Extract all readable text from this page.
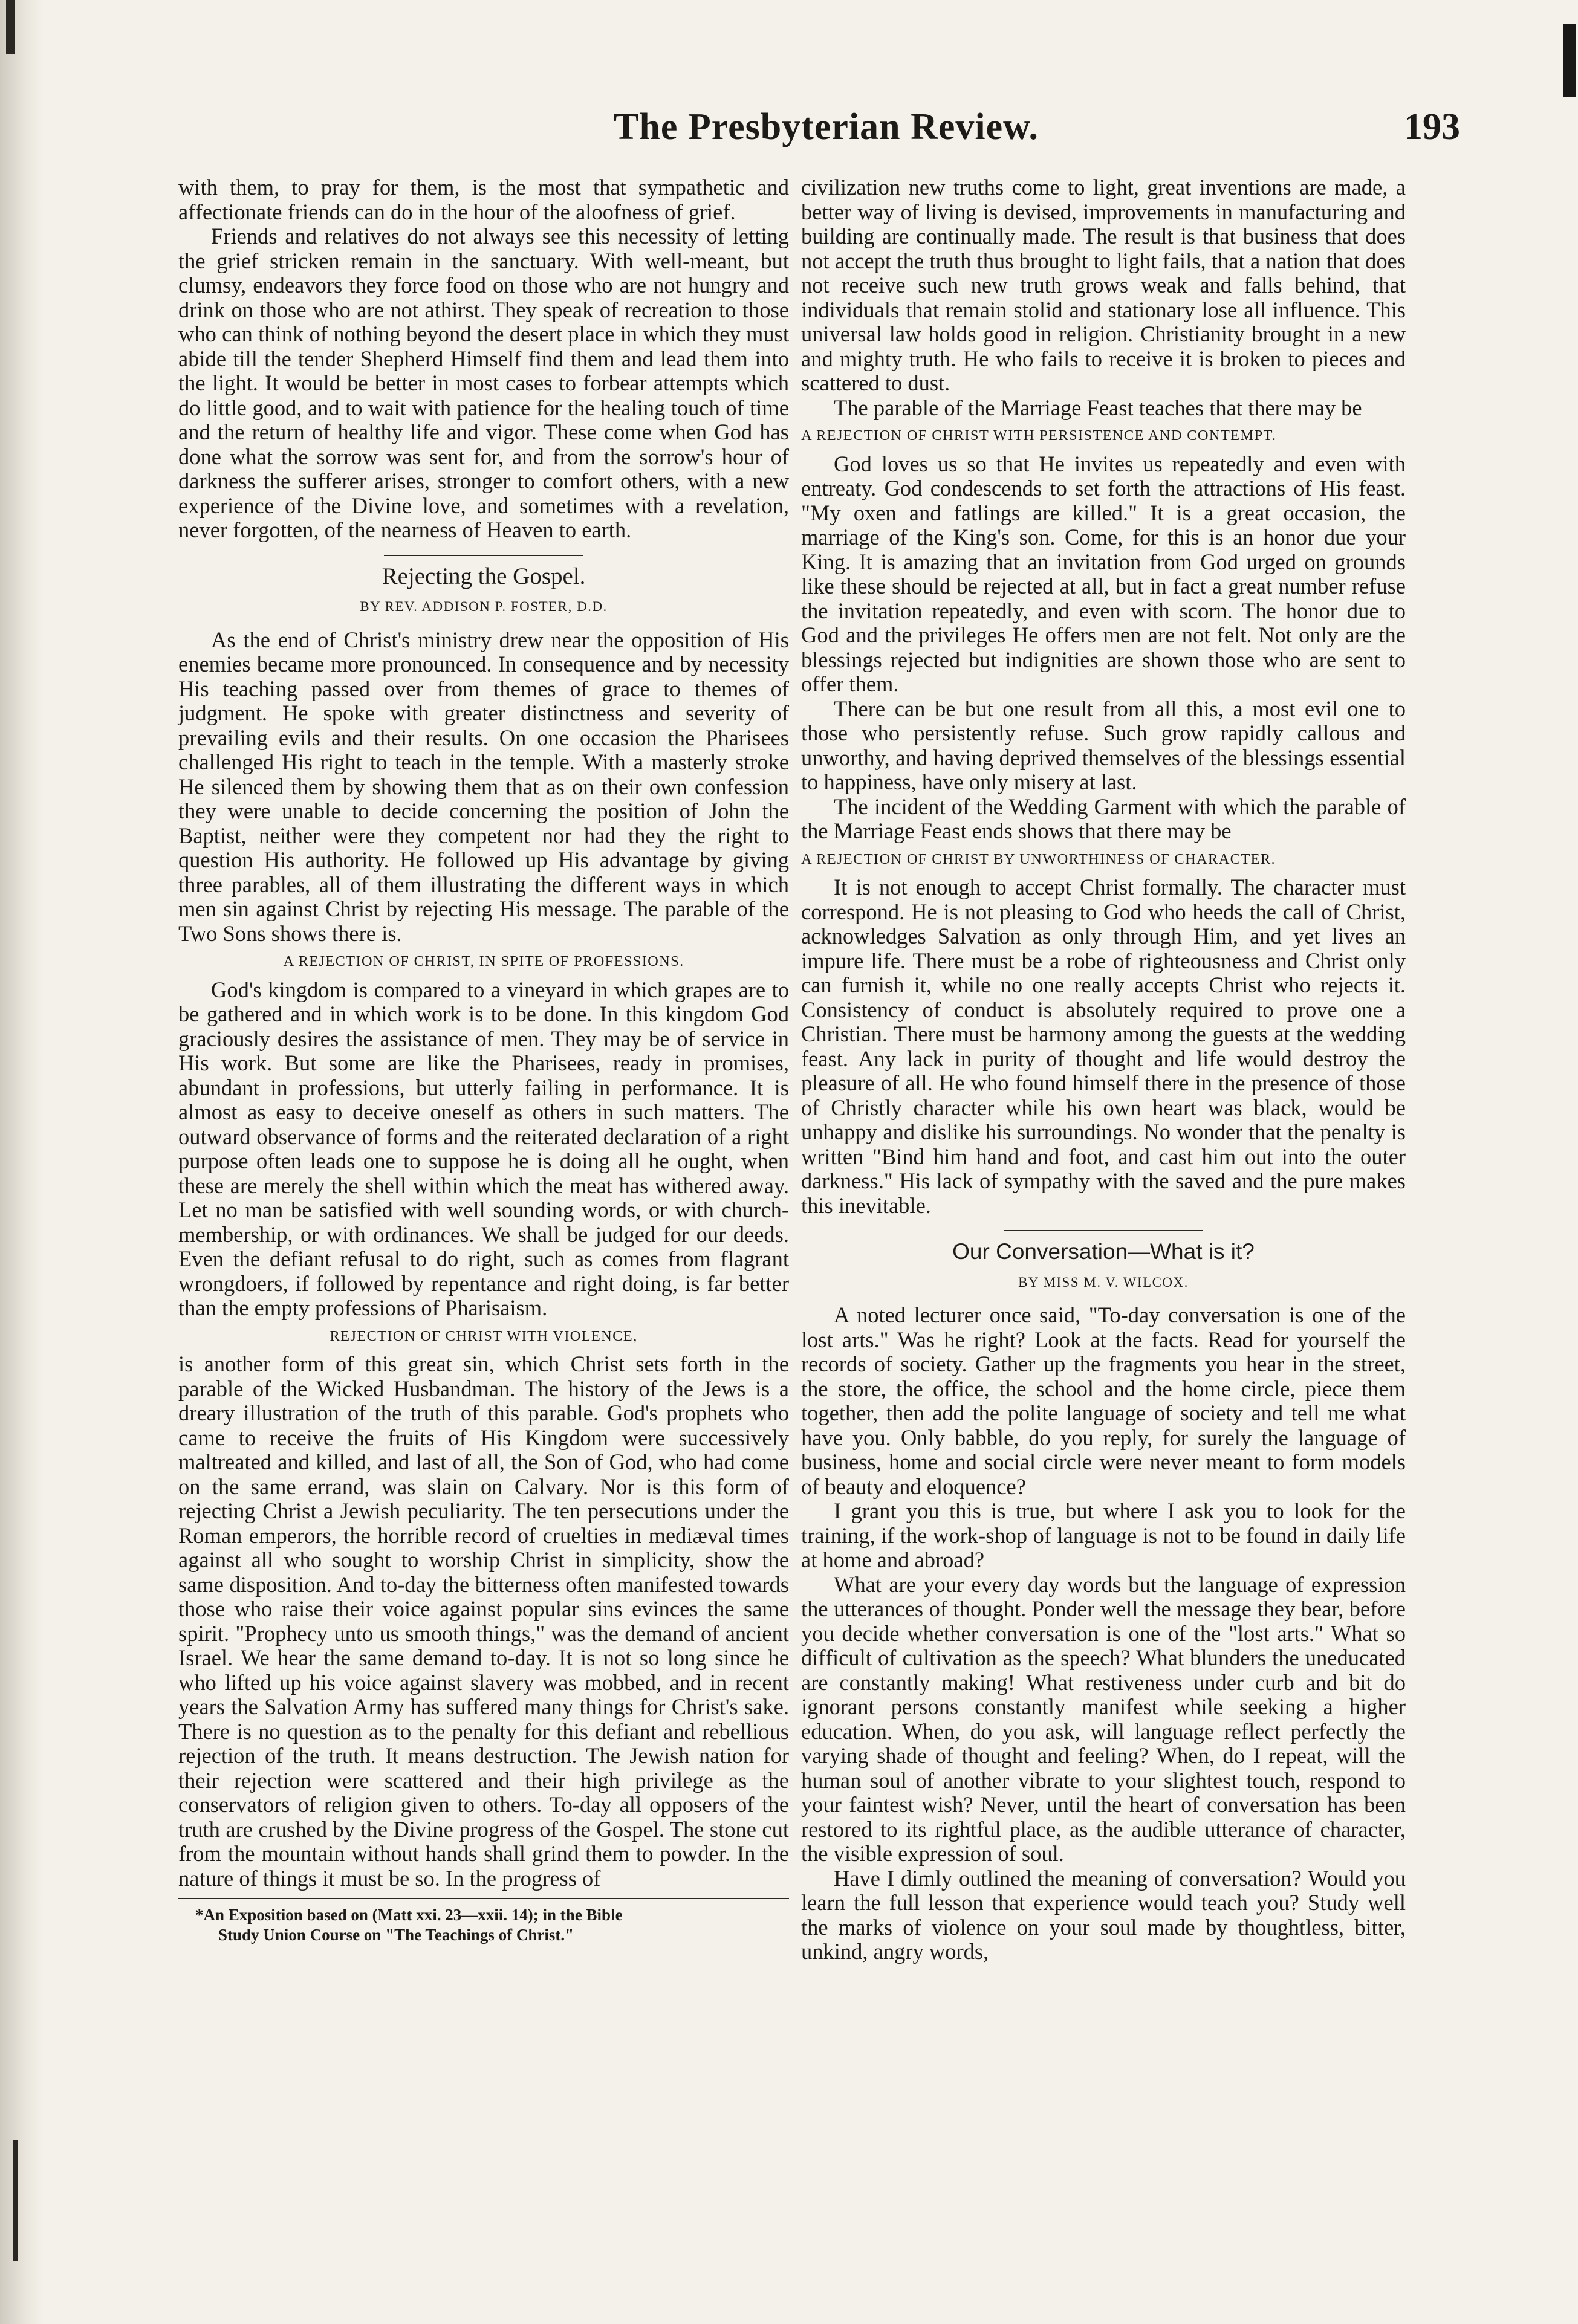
The Presbyterian Review.	193

with them, to pray for them, is the most that sympathetic and affectionate friends can do in the hour of the aloofness of grief.

Friends and relatives do not always see this necessity of letting the grief stricken remain in the sanctuary. With well-meant, but clumsy, endeavors they force food on those who are not hungry and drink on those who are not athirst. They speak of recreation to those who can think of nothing beyond the desert place in which they must abide till the tender Shepherd Himself find them and lead them into the light. It would be better in most cases to forbear attempts which do little good, and to wait with patience for the healing touch of time and the return of healthy life and vigor. These come when God has done what the sorrow was sent for, and from the sorrow's hour of darkness the sufferer arises, stronger to comfort others, with a new experience of the Divine love, and sometimes with a revelation, never forgotten, of the nearness of Heaven to earth.

Rejecting the Gospel.
BY REV. ADDISON P. FOSTER, D.D.

As the end of Christ's ministry drew near the opposition of His enemies became more pronounced. In consequence and by necessity His teaching passed over from themes of grace to themes of judgment. He spoke with greater distinctness and severity of prevailing evils and their results. On one occasion the Pharisees challenged His right to teach in the temple. With a masterly stroke He silenced them by showing them that as on their own confession they were unable to decide concerning the position of John the Baptist, neither were they competent nor had they the right to question His authority. He followed up His advantage by giving three parables, all of them illustrating the different ways in which men sin against Christ by rejecting His message. The parable of the Two Sons shows there is.

A REJECTION OF CHRIST, IN SPITE OF PROFESSIONS.

God's kingdom is compared to a vineyard in which grapes are to be gathered and in which work is to be done. In this kingdom God graciously desires the assistance of men. They may be of service in His work. But some are like the Pharisees, ready in promises, abundant in professions, but utterly failing in performance. It is almost as easy to deceive oneself as others in such matters. The outward observance of forms and the reiterated declaration of a right purpose often leads one to suppose he is doing all he ought, when these are merely the shell within which the meat has withered away. Let no man be satisfied with well sounding words, or with church-membership, or with ordinances. We shall be judged for our deeds. Even the defiant refusal to do right, such as comes from flagrant wrongdoers, if followed by repentance and right doing, is far better than the empty professions of Pharisaism.

REJECTION OF CHRIST WITH VIOLENCE,

is another form of this great sin, which Christ sets forth in the parable of the Wicked Husbandman. The history of the Jews is a dreary illustration of the truth of this parable. God's prophets who came to receive the fruits of His Kingdom were successively maltreated and killed, and last of all, the Son of God, who had come on the same errand, was slain on Calvary. Nor is this form of rejecting Christ a Jewish peculiarity. The ten persecutions under the Roman emperors, the horrible record of cruelties in mediæval times against all who sought to worship Christ in simplicity, show the same disposition. And to-day the bitterness often manifested towards those who raise their voice against popular sins evinces the same spirit. "Prophecy unto us smooth things," was the demand of ancient Israel. We hear the same demand to-day. It is not so long since he who lifted up his voice against slavery was mobbed, and in recent years the Salvation Army has suffered many things for Christ's sake. There is no question as to the penalty for this defiant and rebellious rejection of the truth. It means destruction. The Jewish nation for their rejection were scattered and their high privilege as the conservators of religion given to others. To-day all opposers of the truth are crushed by the Divine progress of the Gospel. The stone cut from the mountain without hands shall grind them to powder. In the nature of things it must be so. In the progress of

*An Exposition based on (Matt xxi. 23—xxii. 14); in the Bible
Study Union Course on "The Teachings of Christ."

civilization new truths come to light, great inventions are made, a better way of living is devised, improvements in manufacturing and building are continually made. The result is that business that does not accept the truth thus brought to light fails, that a nation that does not receive such new truth grows weak and falls behind, that individuals that remain stolid and stationary lose all influence. This universal law holds good in religion. Christianity brought in a new and mighty truth. He who fails to receive it is broken to pieces and scattered to dust.

The parable of the Marriage Feast teaches that there may be

A REJECTION OF CHRIST WITH PERSISTENCE AND CONTEMPT.

God loves us so that He invites us repeatedly and even with entreaty. God condescends to set forth the attractions of His feast. "My oxen and fatlings are killed." It is a great occasion, the marriage of the King's son. Come, for this is an honor due your King. It is amazing that an invitation from God urged on grounds like these should be rejected at all, but in fact a great number refuse the invitation repeatedly, and even with scorn. The honor due to God and the privileges He offers men are not felt. Not only are the blessings rejected but indignities are shown those who are sent to offer them.

There can be but one result from all this, a most evil one to those who persistently refuse. Such grow rapidly callous and unworthy, and having deprived themselves of the blessings essential to happiness, have only misery at last.

The incident of the Wedding Garment with which the parable of the Marriage Feast ends shows that there may be

A REJECTION OF CHRIST BY UNWORTHINESS OF CHARACTER.

It is not enough to accept Christ formally. The character must correspond. He is not pleasing to God who heeds the call of Christ, acknowledges Salvation as only through Him, and yet lives an impure life. There must be a robe of righteousness and Christ only can furnish it, while no one really accepts Christ who rejects it. Consistency of conduct is absolutely required to prove one a Christian. There must be harmony among the guests at the wedding feast. Any lack in purity of thought and life would destroy the pleasure of all. He who found himself there in the presence of those of Christly character while his own heart was black, would be unhappy and dislike his surroundings. No wonder that the penalty is written "Bind him hand and foot, and cast him out into the outer darkness." His lack of sympathy with the saved and the pure makes this inevitable.

Our Conversation—What is it?
BY MISS M. V. WILCOX.

A noted lecturer once said, "To-day conversation is one of the lost arts." Was he right? Look at the facts. Read for yourself the records of society. Gather up the fragments you hear in the street, the store, the office, the school and the home circle, piece them together, then add the polite language of society and tell me what have you. Only babble, do you reply, for surely the language of business, home and social circle were never meant to form models of beauty and eloquence?

I grant you this is true, but where I ask you to look for the training, if the work-shop of language is not to be found in daily life at home and abroad?

What are your every day words but the language of expression the utterances of thought. Ponder well the message they bear, before you decide whether conversation is one of the "lost arts." What so difficult of cultivation as the speech? What blunders the uneducated are constantly making! What restiveness under curb and bit do ignorant persons constantly manifest while seeking a higher education. When, do you ask, will language reflect perfectly the varying shade of thought and feeling? When, do I repeat, will the human soul of another vibrate to your slightest touch, respond to your faintest wish? Never, until the heart of conversation has been restored to its rightful place, as the audible utterance of character, the visible expression of soul.

Have I dimly outlined the meaning of conversation? Would you learn the full lesson that experience would teach you? Study well the marks of violence on your soul made by thoughtless, bitter, unkind, angry words,
